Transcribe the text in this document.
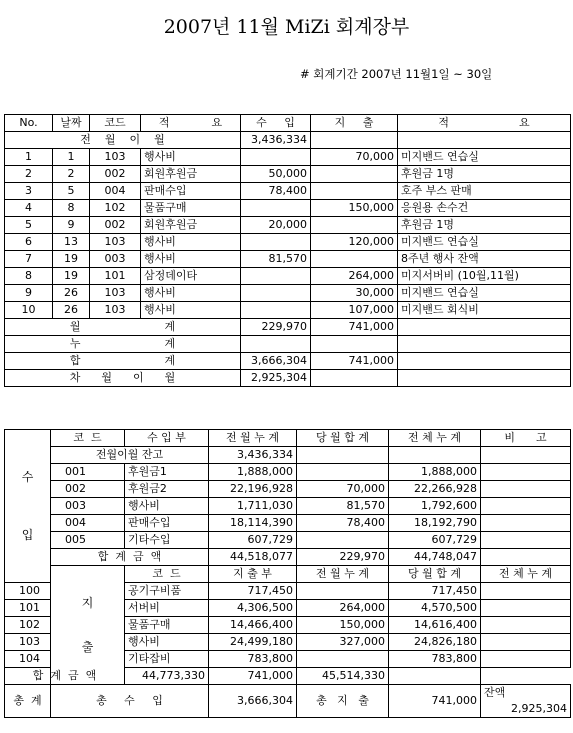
2007년 11월 MiZi 회계장부
# 회계기간 2007년 11월1일 ~ 30일
No.	날짜	코드	적            요	수     입	지     출	적                    요
전    월    이    월				3,436,334		
1	1	103	행사비		70,000	미지밴드 연습실
2	2	002	회원후원금	50,000		후원금 1명
3	5	004	판매수입	78,400		호주 부스 판매
4	8	102	물품구매		150,000	응원용 손수건
5	9	002	회원후원금	20,000		후원금 1명
6	13	103	행사비		120,000	미지밴드 연습실
7	19	003	행사비	81,570		8주년 행사 잔액
8	19	101	삼정데이타		264,000	미지서버비 (10월,11월)
9	26	103	행사비		30,000	미지밴드 연습실
10	26	103	행사비		107,000	미지밴드 회식비
월                        계				229,970	741,000	
누                        계						
합                        계				3,666,304	741,000	
차      월      이      월				2,925,304		
수
입	코  드	수 입 부	전 월 누 계	당 월 합 계	전 체 누 계	비      고	
	전월이월 잔고		3,436,334				
	001	후원금1	1,888,000		1,888,000		
	002	후원금2	22,196,928	70,000	22,266,928		
	003	행사비	1,711,030	81,570	1,792,600		
	004	판매수입	18,114,390	78,400	18,192,790		
	005	기타수입	607,729		607,729		
	합  계  금  액		44,518,077	229,970	44,748,047		

	지
출	코  드	지 출 부	전 월 누 계	당 월 합 계	전 체 누 계	
100		공기구비품	717,450		717,450		
101		서버비	4,306,500	264,000	4,570,500		
102		물품구매	14,466,400	150,000	14,616,400		
103		행사비	24,499,180	327,000	24,826,180		
104		기타잡비	783,800		783,800		
합  계  금  액		44,773,330	741,000	45,514,330			
총  계	총     수     입		3,666,304	총   지   출	741,000	잔액
2,925,304	
